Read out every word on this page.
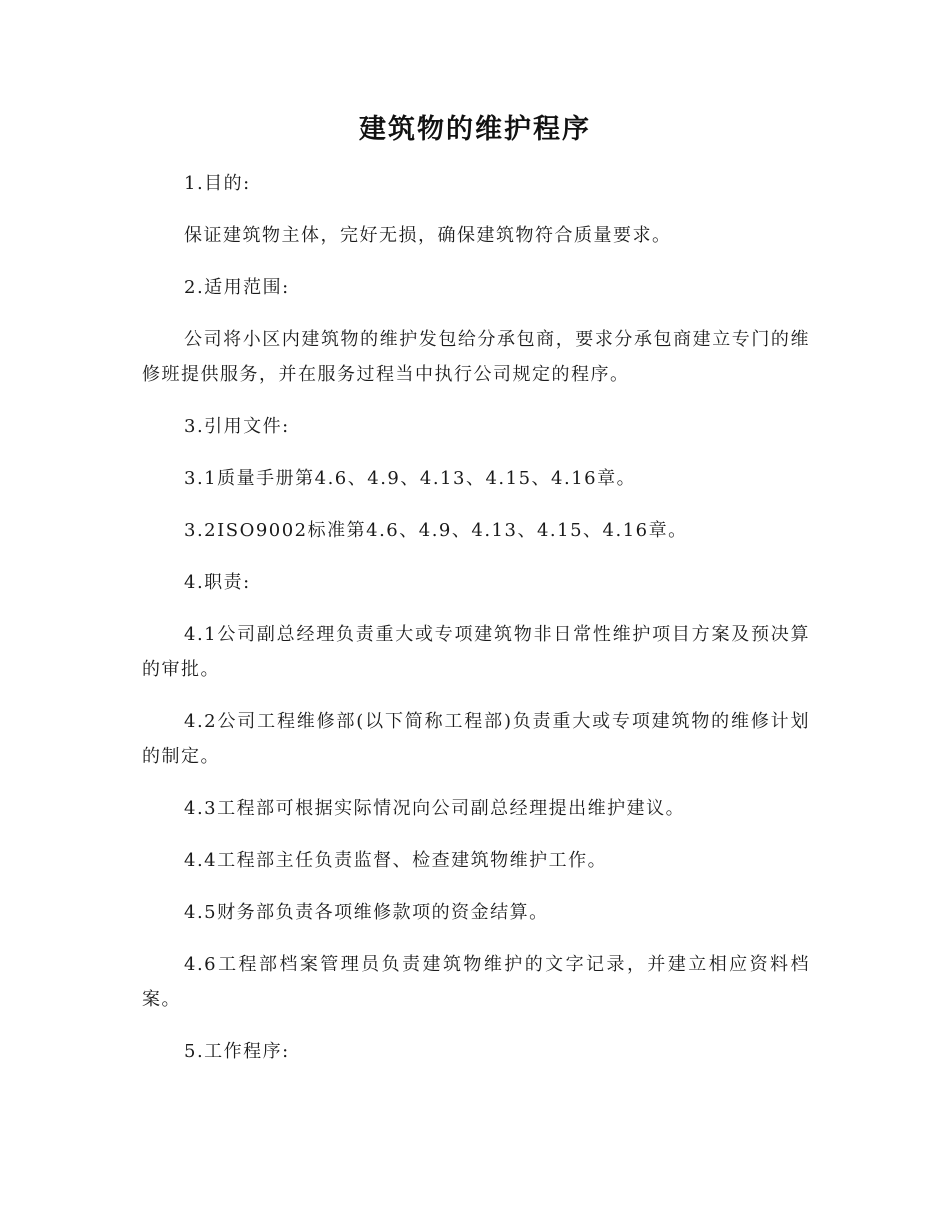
建筑物的维护程序

1.目的:

保证建筑物主体，完好无损，确保建筑物符合质量要求。

2.适用范围:

公司将小区内建筑物的维护发包给分承包商，要求分承包商建立专门的维修班提供服务，并在服务过程当中执行公司规定的程序。

3.引用文件:

3.1质量手册第4.6、4.9、4.13、4.15、4.16章。

3.2ISO9002标准第4.6、4.9、4.13、4.15、4.16章。

4.职责:

4.1公司副总经理负责重大或专项建筑物非日常性维护项目方案及预决算的审批。

4.2公司工程维修部(以下简称工程部)负责重大或专项建筑物的维修计划的制定。

4.3工程部可根据实际情况向公司副总经理提出维护建议。

4.4工程部主任负责监督、检查建筑物维护工作。

4.5财务部负责各项维修款项的资金结算。

4.6工程部档案管理员负责建筑物维护的文字记录，并建立相应资料档案。

5.工作程序:
